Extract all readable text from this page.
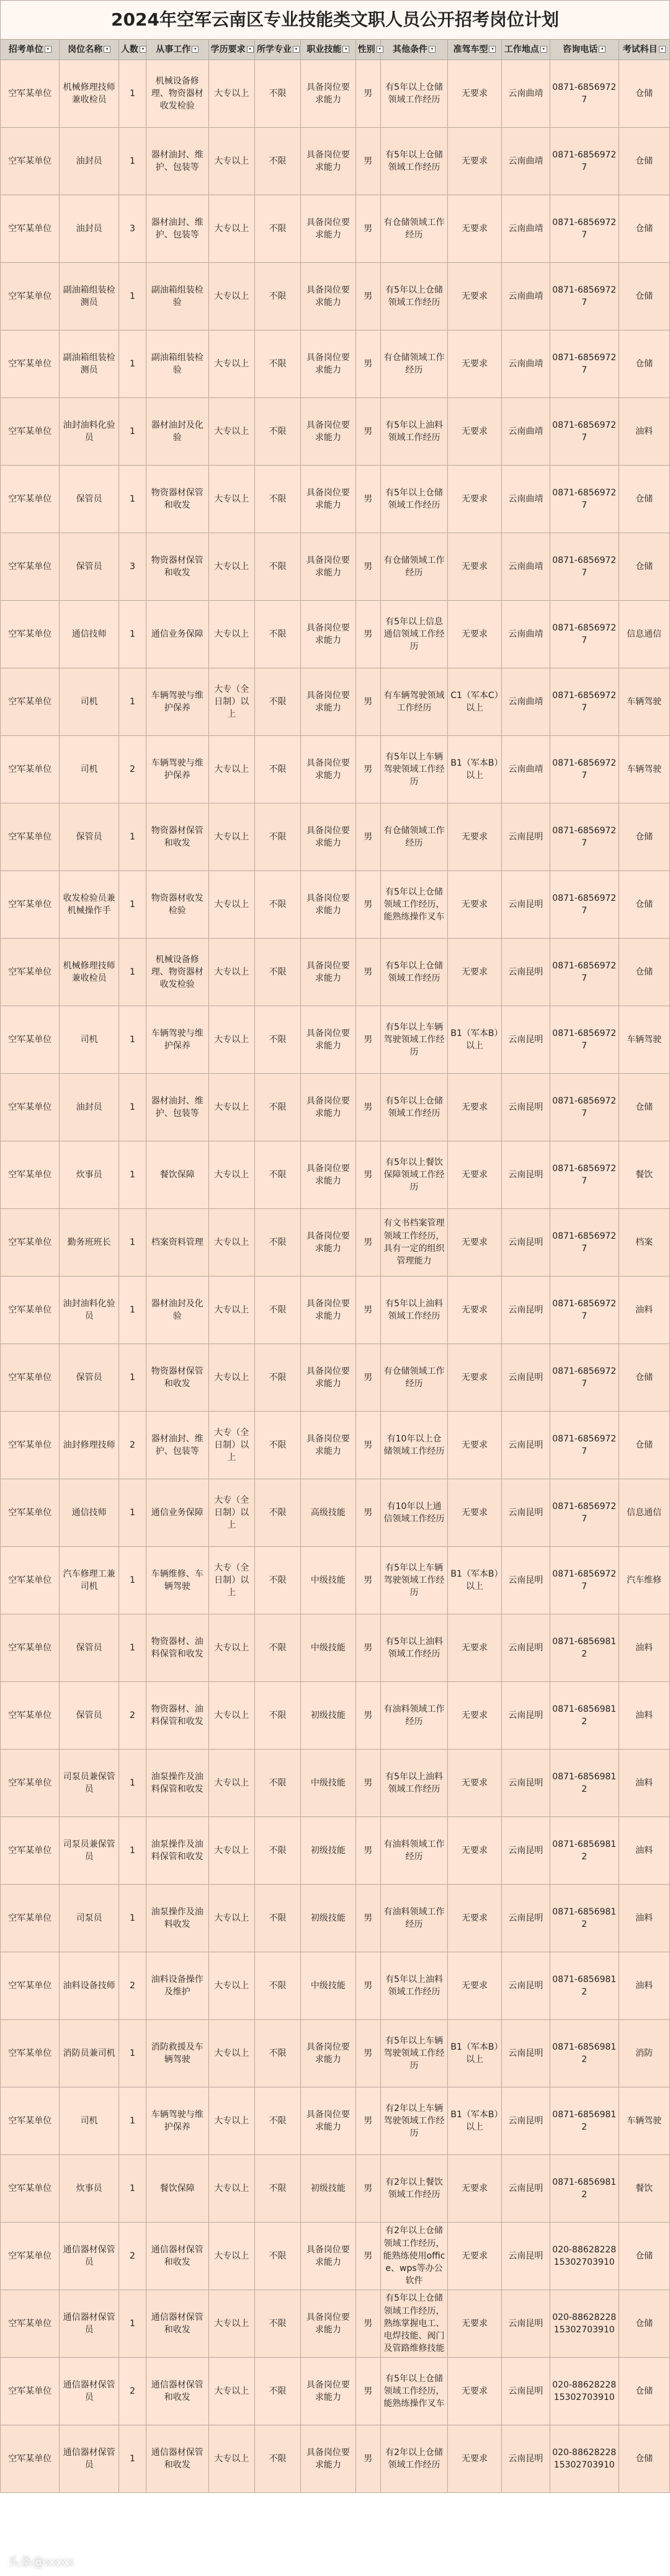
2024年空军云南区专业技能类文职人员公开招考岗位计划
招考单位 ▾	岗位名称 ▾	人数 ▾	从事工作 ▾	学历要求 ▾	所学专业 ▾	职业技能 ▾	性别 ▾	其他条件 ▾	准驾车型 ▾	工作地点 ▾	咨询电话 ▾	考试科目 ▾
空军某单位	机械修理技师兼收检员	1	机械设备修理、物资器材收发检验	大专以上	不限	具备岗位要求能力	男	有5年以上仓储领域工作经历	无要求	云南曲靖	0871-68569727	仓储
空军某单位	油封员	1	器材油封、维护、包装等	大专以上	不限	具备岗位要求能力	男	有5年以上仓储领域工作经历	无要求	云南曲靖	0871-68569727	仓储
空军某单位	油封员	3	器材油封、维护、包装等	大专以上	不限	具备岗位要求能力	男	有仓储领域工作经历	无要求	云南曲靖	0871-68569727	仓储
空军某单位	副油箱组装检测员	1	副油箱组装检验	大专以上	不限	具备岗位要求能力	男	有5年以上仓储领域工作经历	无要求	云南曲靖	0871-68569727	仓储
空军某单位	副油箱组装检测员	1	副油箱组装检验	大专以上	不限	具备岗位要求能力	男	有仓储领域工作经历	无要求	云南曲靖	0871-68569727	仓储
空军某单位	油封油料化验员	1	器材油封及化验	大专以上	不限	具备岗位要求能力	男	有5年以上油料领域工作经历	无要求	云南曲靖	0871-68569727	油料
空军某单位	保管员	1	物资器材保管和收发	大专以上	不限	具备岗位要求能力	男	有5年以上仓储领域工作经历	无要求	云南曲靖	0871-68569727	仓储
空军某单位	保管员	3	物资器材保管和收发	大专以上	不限	具备岗位要求能力	男	有仓储领域工作经历	无要求	云南曲靖	0871-68569727	仓储
空军某单位	通信技师	1	通信业务保障	大专以上	不限	具备岗位要求能力	男	有5年以上信息通信领域工作经历	无要求	云南曲靖	0871-68569727	信息通信
空军某单位	司机	1	车辆驾驶与维护保养	大专（全日制）以上	不限	具备岗位要求能力	男	有车辆驾驶领域工作经历	C1（军本C）以上	云南曲靖	0871-68569727	车辆驾驶
空军某单位	司机	2	车辆驾驶与维护保养	大专以上	不限	具备岗位要求能力	男	有5年以上车辆驾驶领域工作经历	B1（军本B）以上	云南曲靖	0871-68569727	车辆驾驶
空军某单位	保管员	1	物资器材保管和收发	大专以上	不限	具备岗位要求能力	男	有仓储领域工作经历	无要求	云南昆明	0871-68569727	仓储
空军某单位	收发检验员兼机械操作手	1	物资器材收发检验	大专以上	不限	具备岗位要求能力	男	有5年以上仓储领域工作经历，能熟练操作叉车	无要求	云南昆明	0871-68569727	仓储
空军某单位	机械修理技师兼收检员	1	机械设备修理、物资器材收发检验	大专以上	不限	具备岗位要求能力	男	有5年以上仓储领域工作经历	无要求	云南昆明	0871-68569727	仓储
空军某单位	司机	1	车辆驾驶与维护保养	大专以上	不限	具备岗位要求能力	男	有5年以上车辆驾驶领域工作经历	B1（军本B）以上	云南昆明	0871-68569727	车辆驾驶
空军某单位	油封员	1	器材油封、维护、包装等	大专以上	不限	具备岗位要求能力	男	有5年以上仓储领域工作经历	无要求	云南昆明	0871-68569727	仓储
空军某单位	炊事员	1	餐饮保障	大专以上	不限	具备岗位要求能力	男	有5年以上餐饮保障领域工作经历	无要求	云南昆明	0871-68569727	餐饮
空军某单位	勤务班班长	1	档案资料管理	大专以上	不限	具备岗位要求能力	男	有文书档案管理领域工作经历，具有一定的组织管理能力	无要求	云南昆明	0871-68569727	档案
空军某单位	油封油料化验员	1	器材油封及化验	大专以上	不限	具备岗位要求能力	男	有5年以上油料领域工作经历	无要求	云南昆明	0871-68569727	油料
空军某单位	保管员	1	物资器材保管和收发	大专以上	不限	具备岗位要求能力	男	有仓储领域工作经历	无要求	云南昆明	0871-68569727	仓储
空军某单位	油封修理技师	2	器材油封、维护、包装等	大专（全日制）以上	不限	具备岗位要求能力	男	有10年以上仓储领域工作经历	无要求	云南昆明	0871-68569727	仓储
空军某单位	通信技师	1	通信业务保障	大专（全日制）以上	不限	高级技能	男	有10年以上通信领域工作经历	无要求	云南昆明	0871-68569727	信息通信
空军某单位	汽车修理工兼司机	1	车辆维修、车辆驾驶	大专（全日制）以上	不限	中级技能	男	有5年以上车辆驾驶领域工作经历	B1（军本B）以上	云南昆明	0871-68569727	汽车维修
空军某单位	保管员	1	物资器材、油料保管和收发	大专以上	不限	中级技能	男	有5年以上油料领域工作经历	无要求	云南昆明	0871-68569812	油料
空军某单位	保管员	2	物资器材、油料保管和收发	大专以上	不限	初级技能	男	有油料领域工作经历	无要求	云南昆明	0871-68569812	油料
空军某单位	司泵员兼保管员	1	油泵操作及油料保管和收发	大专以上	不限	中级技能	男	有5年以上油料领域工作经历	无要求	云南昆明	0871-68569812	油料
空军某单位	司泵员兼保管员	1	油泵操作及油料保管和收发	大专以上	不限	初级技能	男	有油料领域工作经历	无要求	云南昆明	0871-68569812	油料
空军某单位	司泵员	1	油泵操作及油料收发	大专以上	不限	初级技能	男	有油料领域工作经历	无要求	云南昆明	0871-68569812	油料
空军某单位	油料设备技师	2	油料设备操作及维护	大专以上	不限	中级技能	男	有5年以上油料领域工作经历	无要求	云南昆明	0871-68569812	油料
空军某单位	消防员兼司机	1	消防救援及车辆驾驶	大专以上	不限	具备岗位要求能力	男	有5年以上车辆驾驶领域工作经历	B1（军本B）以上	云南昆明	0871-68569812	消防
空军某单位	司机	1	车辆驾驶与维护保养	大专以上	不限	具备岗位要求能力	男	有2年以上车辆驾驶领域工作经历	B1（军本B）以上	云南昆明	0871-68569812	车辆驾驶
空军某单位	炊事员	1	餐饮保障	大专以上	不限	初级技能	男	有2年以上餐饮领域工作经历	无要求	云南昆明	0871-68569812	餐饮
空军某单位	通信器材保管员	2	通信器材保管和收发	大专以上	不限	具备岗位要求能力	男	有2年以上仓储领域工作经历，能熟练使用office、wps等办公软件	无要求	云南昆明	020-88628228 15302703910	仓储
空军某单位	通信器材保管员	1	通信器材保管和收发	大专以上	不限	具备岗位要求能力	男	有5年以上仓储领域工作经历，熟练掌握电工、电焊技能、阀门及管路维修技能	无要求	云南昆明	020-88628228 15302703910	仓储
空军某单位	通信器材保管员	2	通信器材保管和收发	大专以上	不限	具备岗位要求能力	男	有5年以上仓储领域工作经历，能熟练操作叉车	无要求	云南昆明	020-88628228 15302703910	仓储
空军某单位	通信器材保管员	1	通信器材保管和收发	大专以上	不限	具备岗位要求能力	男	有2年以上仓储领域工作经历	无要求	云南昆明	020-88628228 15302703910	仓储
头条@xxxx
